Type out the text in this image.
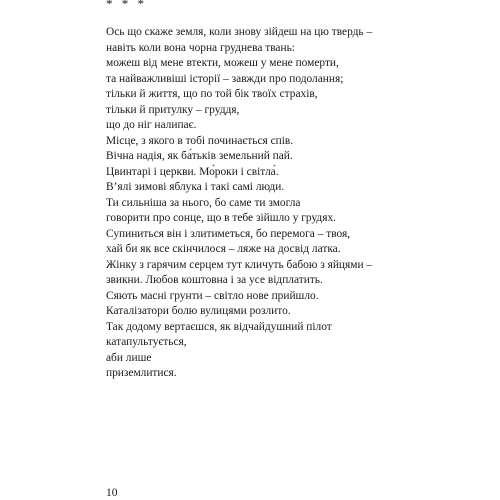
* * *
Ось що скаже земля, коли знову зійдеш на цю твердь –
навіть коли вона чорна груднева твань:
можеш від мене втекти, можеш у мене померти,
та найважливіші історії – завжди про подолання;
тільки й життя, що по той бік твоїх страхів,
тільки й притулку – груддя,
що до ніг налипає.
Місце, з якого в тобі починається спів.
Вічна надія, як ба́тьків земельний пай.
Цвинтарі і церкви. Мо́роки і світла́.
В’ялі зимові яблука і такі самі люди.
Ти сильніша за нього, бо саме ти змогла
говорити про сонце, що в тебе зійшло у грудях.
Супиниться він і злитиметься, бо перемога – твоя,
хай би як все скінчилося – ляже на досвід латка.
Жінку з гарячим серцем тут кличуть бабою з яйцями –
звикни. Любов коштовна і за усе відплатить.
Сяють масні грунти – світло нове прийшло.
Каталізатори болю вулицями розлито.
Так додому вертаєшся, як відчайдушний пілот
катапультується,
аби лише
приземлитися.
10
